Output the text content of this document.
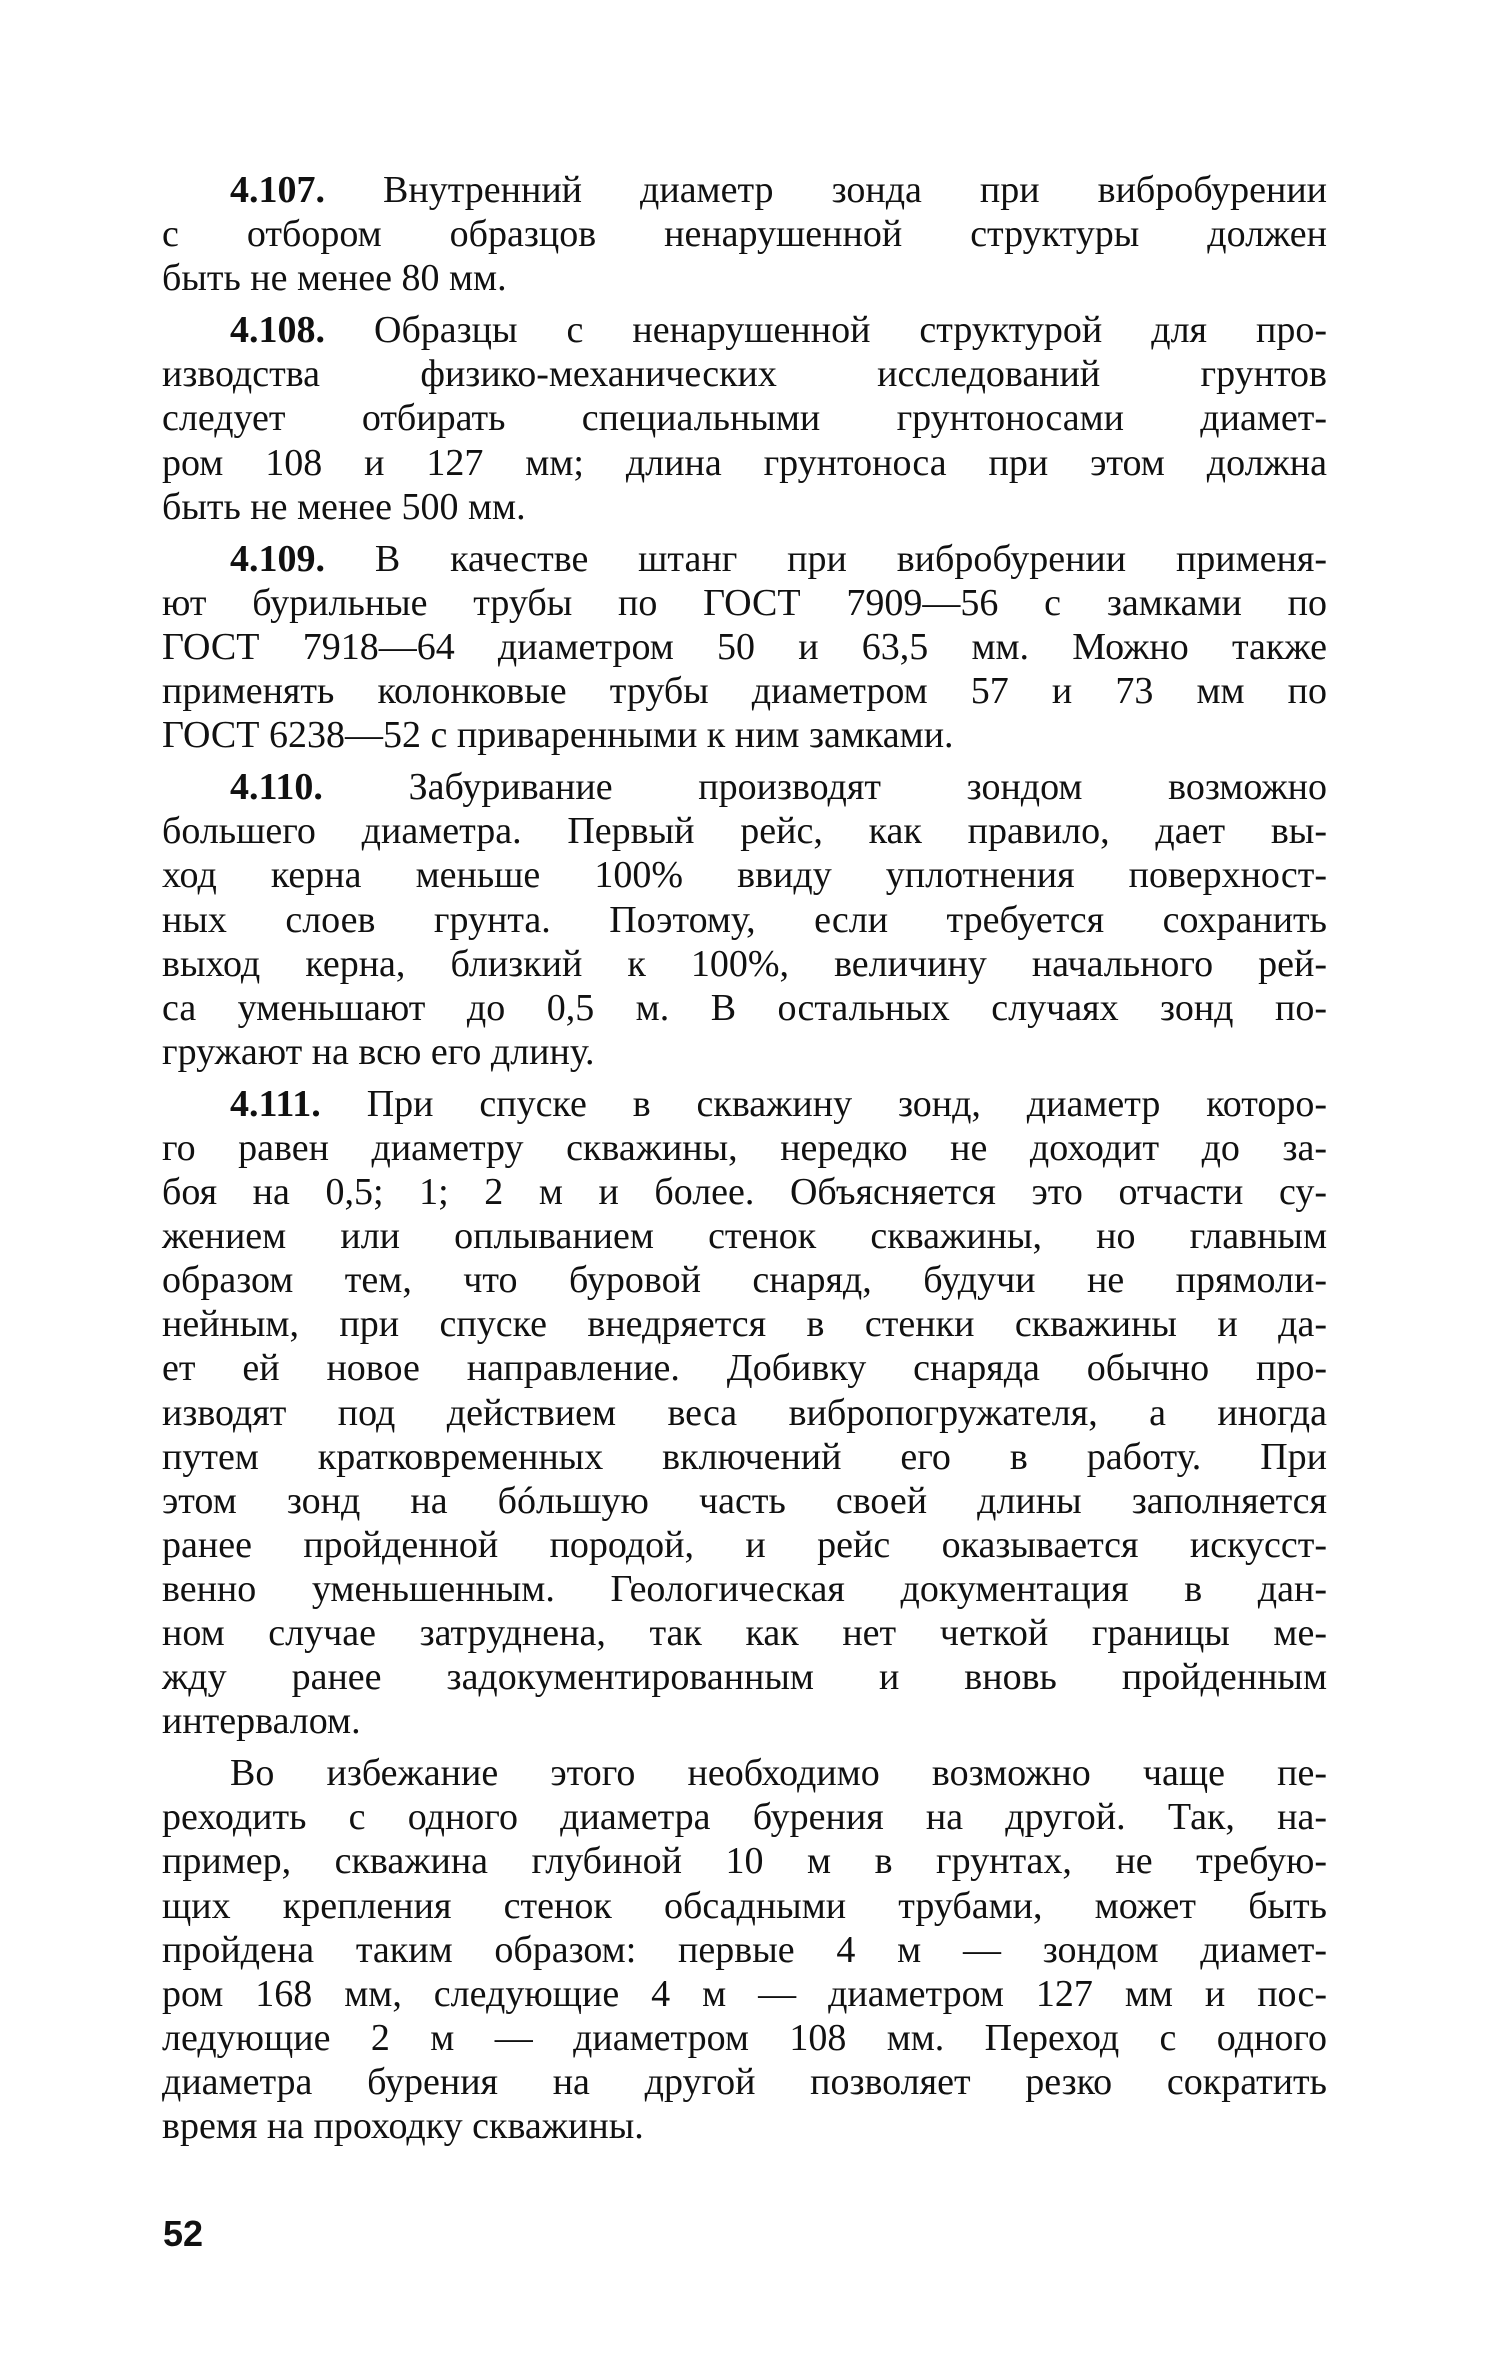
4.107. Внутренний диаметр зонда при вибробурении
с отбором образцов ненарушенной структуры должен
быть не менее 80 мм.
4.108. Образцы с ненарушенной структурой для про-
изводства физико-механических исследований грунтов
следует отбирать специальными грунтоносами диамет-
ром 108 и 127 мм; длина грунтоноса при этом должна
быть не менее 500 мм.
4.109. В качестве штанг при вибробурении применя-
ют бурильные трубы по ГОСТ 7909—56 с замками по
ГОСТ 7918—64 диаметром 50 и 63,5 мм. Можно также
применять колонковые трубы диаметром 57 и 73 мм по
ГОСТ 6238—52 с приваренными к ним замками.
4.110. Забуривание производят зондом возможно
большего диаметра. Первый рейс, как правило, дает вы-
ход керна меньше 100% ввиду уплотнения поверхност-
ных слоев грунта. Поэтому, если требуется сохранить
выход керна, близкий к 100%, величину начального рей-
са уменьшают до 0,5 м. В остальных случаях зонд по-
гружают на всю его длину.
4.111. При спуске в скважину зонд, диаметр которо-
го равен диаметру скважины, нередко не доходит до за-
боя на 0,5; 1; 2 м и более. Объясняется это отчасти су-
жением или оплыванием стенок скважины, но главным
образом тем, что буровой снаряд, будучи не прямоли-
нейным, при спуске внедряется в стенки скважины и да-
ет ей новое направление. Добивку снаряда обычно про-
изводят под действием веса вибропогружателя, а иногда
путем кратковременных включений его в работу. При
этом зонд на бóльшую часть своей длины заполняется
ранее пройденной породой, и рейс оказывается искусст-
венно уменьшенным. Геологическая документация в дан-
ном случае затруднена, так как нет четкой границы ме-
жду ранее задокументированным и вновь пройденным
интервалом.
Во избежание этого необходимо возможно чаще пе-
реходить с одного диаметра бурения на другой. Так, на-
пример, скважина глубиной 10 м в грунтах, не требую-
щих крепления стенок обсадными трубами, может быть
пройдена таким образом: первые 4 м — зондом диамет-
ром 168 мм, следующие 4 м — диаметром 127 мм и пос-
ледующие 2 м — диаметром 108 мм. Переход с одного
диаметра бурения на другой позволяет резко сократить
время на проходку скважины.
52
